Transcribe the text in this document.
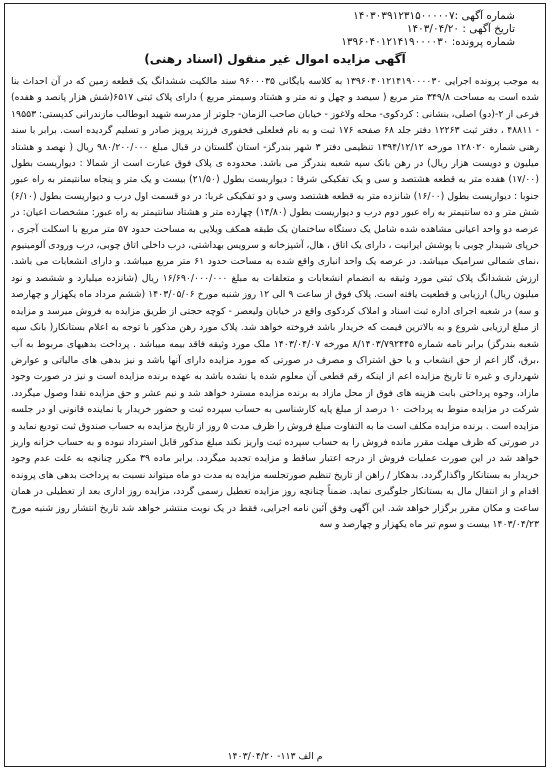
شماره آگهی :۱۴۰۳۰۳۹۱۲۳۱۵۰۰۰۰۰۷
تاریخ آگهی : ۱۴۰۳/۰۴/۲۰
شماره پرونده: ۱۳۹۶۰۴۰۱۲۱۴۱۹۰۰۰۰۳۰
آگهی مزایده اموال غیر منقول (اسناد رهنی)
به موجب پرونده اجرایی ۱۳۹۶۰۴۰۱۲۱۴۱۹۰۰۰۰۳۰ به کلاسه بایگانی ۹۶۰۰۰۳۵ سند مالکیت ششدانگ یک قطعه زمین که در آن احداث بنا شده است به مساحت ۳۴۹/۸ متر مربع ( سیصد و چهل و نه متر و هشتاد وسیمتر مربع ) دارای پلاک ثبتی ۶۵۱۷(شش هزار پانصد و هفده) فرعی از ۲-(دو) اصلی، بنشانی : کردکوی- محله ولاغوز - خیابان صاحب الزمان- جلوتر از مدرسه شهید ابوطالب مازندرانی کدپستی: ۱۹۵۵۳ - ۴۸۸۱۱ ، دفتر ثبت ۱۲۲۶۳ دفتر جلد ۶۸ صفحه ۱۷۶ ثبت و به نام فعلعلی فخفوری فرزند پرویز صادر و تسلیم گردیده است. برابر با سند رهنی شماره ۱۲۸۰۲۰ مورخه ۱۳۹۴/۱۲/۱۲ تنظیمی دفتر ۳ شهر بندرگز- استان گلستان در قبال مبلغ ۹۸۰/۲۰۰/۰۰۰ ریال ( نهصد و هشتاد میلیون و دویست هزار ریال) در رهن بانک سپه شعبه بندرگز می باشد. محدوده ی پلاک فوق عبارت است از شمالا : دیواریست بطول (۱۷/۰۰) هفده متر به قطعه هشتصد و سی و یک تفکیکی شرقا : دیواریست بطول (۲۱/۵۰) بیست و یک متر و پنجاه سانتیمتر به راه عبور جنوبا : دیواریست بطول (۱۶/۰۰) شانزده متر به قطعه هشتصد وسی و دو تفکیکی غربا: در دو قسمت اول درب و دیواریست بطول (۶/۱۰) شش متر و ده سانتیمتر به راه عبور دوم درب و دیواریست بطول (۱۴/۸۰) چهارده متر و هشتاد سانتیمتر به راه عبور: مشخصات اعیان: در عرصه دو واحد اعیانی مشاهده شده شامل یک دستگاه ساختمان یک طبقه همکف ویلایی به مساحت حدود ۵۷ متر مربع با اسکلت آجری ، خرپای شیبدار چوبی با پوشش ایرانیت ، دارای یک اتاق ، هال، آشپزخانه و سرویس بهداشتی، درب داخلی اتاق چوبی، درب ورودی آلومینیوم ،نمای شمالی سرامیک میباشد. در عرصه یک واحد انباری واقع شده به مساحت حدود ۶۱ متر مربع میباشد. و دارای انشعابات می باشد. ارزش ششدانگ پلاک ثبتی مورد وثیقه به انضمام انشعابات و متعلقات به مبلغ ۱۶/۶۹۰/۰۰۰/۰۰۰ ریال (شانزده میلیارد و ششصد و نود میلیون ریال) ارزیابی و قطعیت یافته است. پلاک فوق از ساعت ۹ الی ۱۲ روز شنبه مورخ ۱۴۰۳/۰۵/۰۶ (ششم مرداد ماه یکهزار و چهارصد و سه) در شعبه اجرای اداره ثبت اسناد و املاک کردکوی واقع در خیابان ولیعصر - کوچه حجتی از طریق مزایده به فروش میرسد و مزایده از مبلغ ارزیابی شروع و به بالاترین قیمت که خریدار باشد فروخته خواهد شد. پلاک مورد رهن مذکور با توجه به اعلام بستانکار( بانک سپه شعبه بندرگز) برابر نامه شماره ۸/۱۴۰۳/۷۹۲۴۴۵ مورخه ۱۴۰۳/۰۴/۰۷ ملک مورد وثیقه فاقد بیمه میباشد . پرداخت بدهیهای مربوط به آب ،برق، گاز اعم از حق انشعاب و یا حق اشتراک و مصرف در صورتی که مورد مزایده دارای آنها باشد و نیز بدهی های مالیاتی و عوارض شهرداری و غیره تا تاریخ مزایده اعم از اینکه رقم قطعی آن معلوم شده یا نشده باشد به عهده برنده مزایده است و نیز در صورت وجود مازاد، وجوه پرداختی بابت هزینه های فوق از محل مازاد به برنده مزایده مسترد خواهد شد و نیم عشر و حق مزایده نقدا وصول میگردد. شرکت در مزایده منوط به پرداخت ۱۰ درصد از مبلغ پایه کارشناسی به حساب سپرده ثبت و حضور خریدار یا نماینده قانونی او در جلسه مزایده است . برنده مزایده مکلف است ما به التفاوت مبلغ فروش را ظرف مدت ۵ روز از تاریخ مزایده به حساب صندوق ثبت تودیع نماید و در صورتی که ظرف مهلت مقرر مانده فروش را به حساب سپرده ثبت واریز نکند مبلغ مذکور قابل استرداد نبوده و به حساب خزانه واریز خواهد شد در این صورت عملیات فروش از درجه اعتبار ساقط و مزایده تجدید میگردد. برابر ماده ۳۹ مکرر چنانچه به علت عدم وجود خریدار به بستانکار واگذارگردد. بدهکار / راهن از تاریخ تنظیم صورتجلسه مزایده به مدت دو ماه میتواند نسبت به پرداخت بدهی های پرونده اقدام و از انتقال مال به بستانکار جلوگیری نماید. ضمناً چنانچه روز مزایده تعطیل رسمی گردد، مزایده روز اداری بعد از تعطیلی در همان ساعت و مکان مقرر برگزار خواهد شد. این آگهی وفق آئین نامه اجرایی، فقط در یک نوبت منتشر خواهد شد تاریخ انتشار روز شنبه مورخ ۱۴۰۳/۰۴/۲۳ بیست و سوم تیر ماه یکهزار و چهارصد و سه
م الف ۱۱۳- ۱۴۰۳/۰۴/۲۰
